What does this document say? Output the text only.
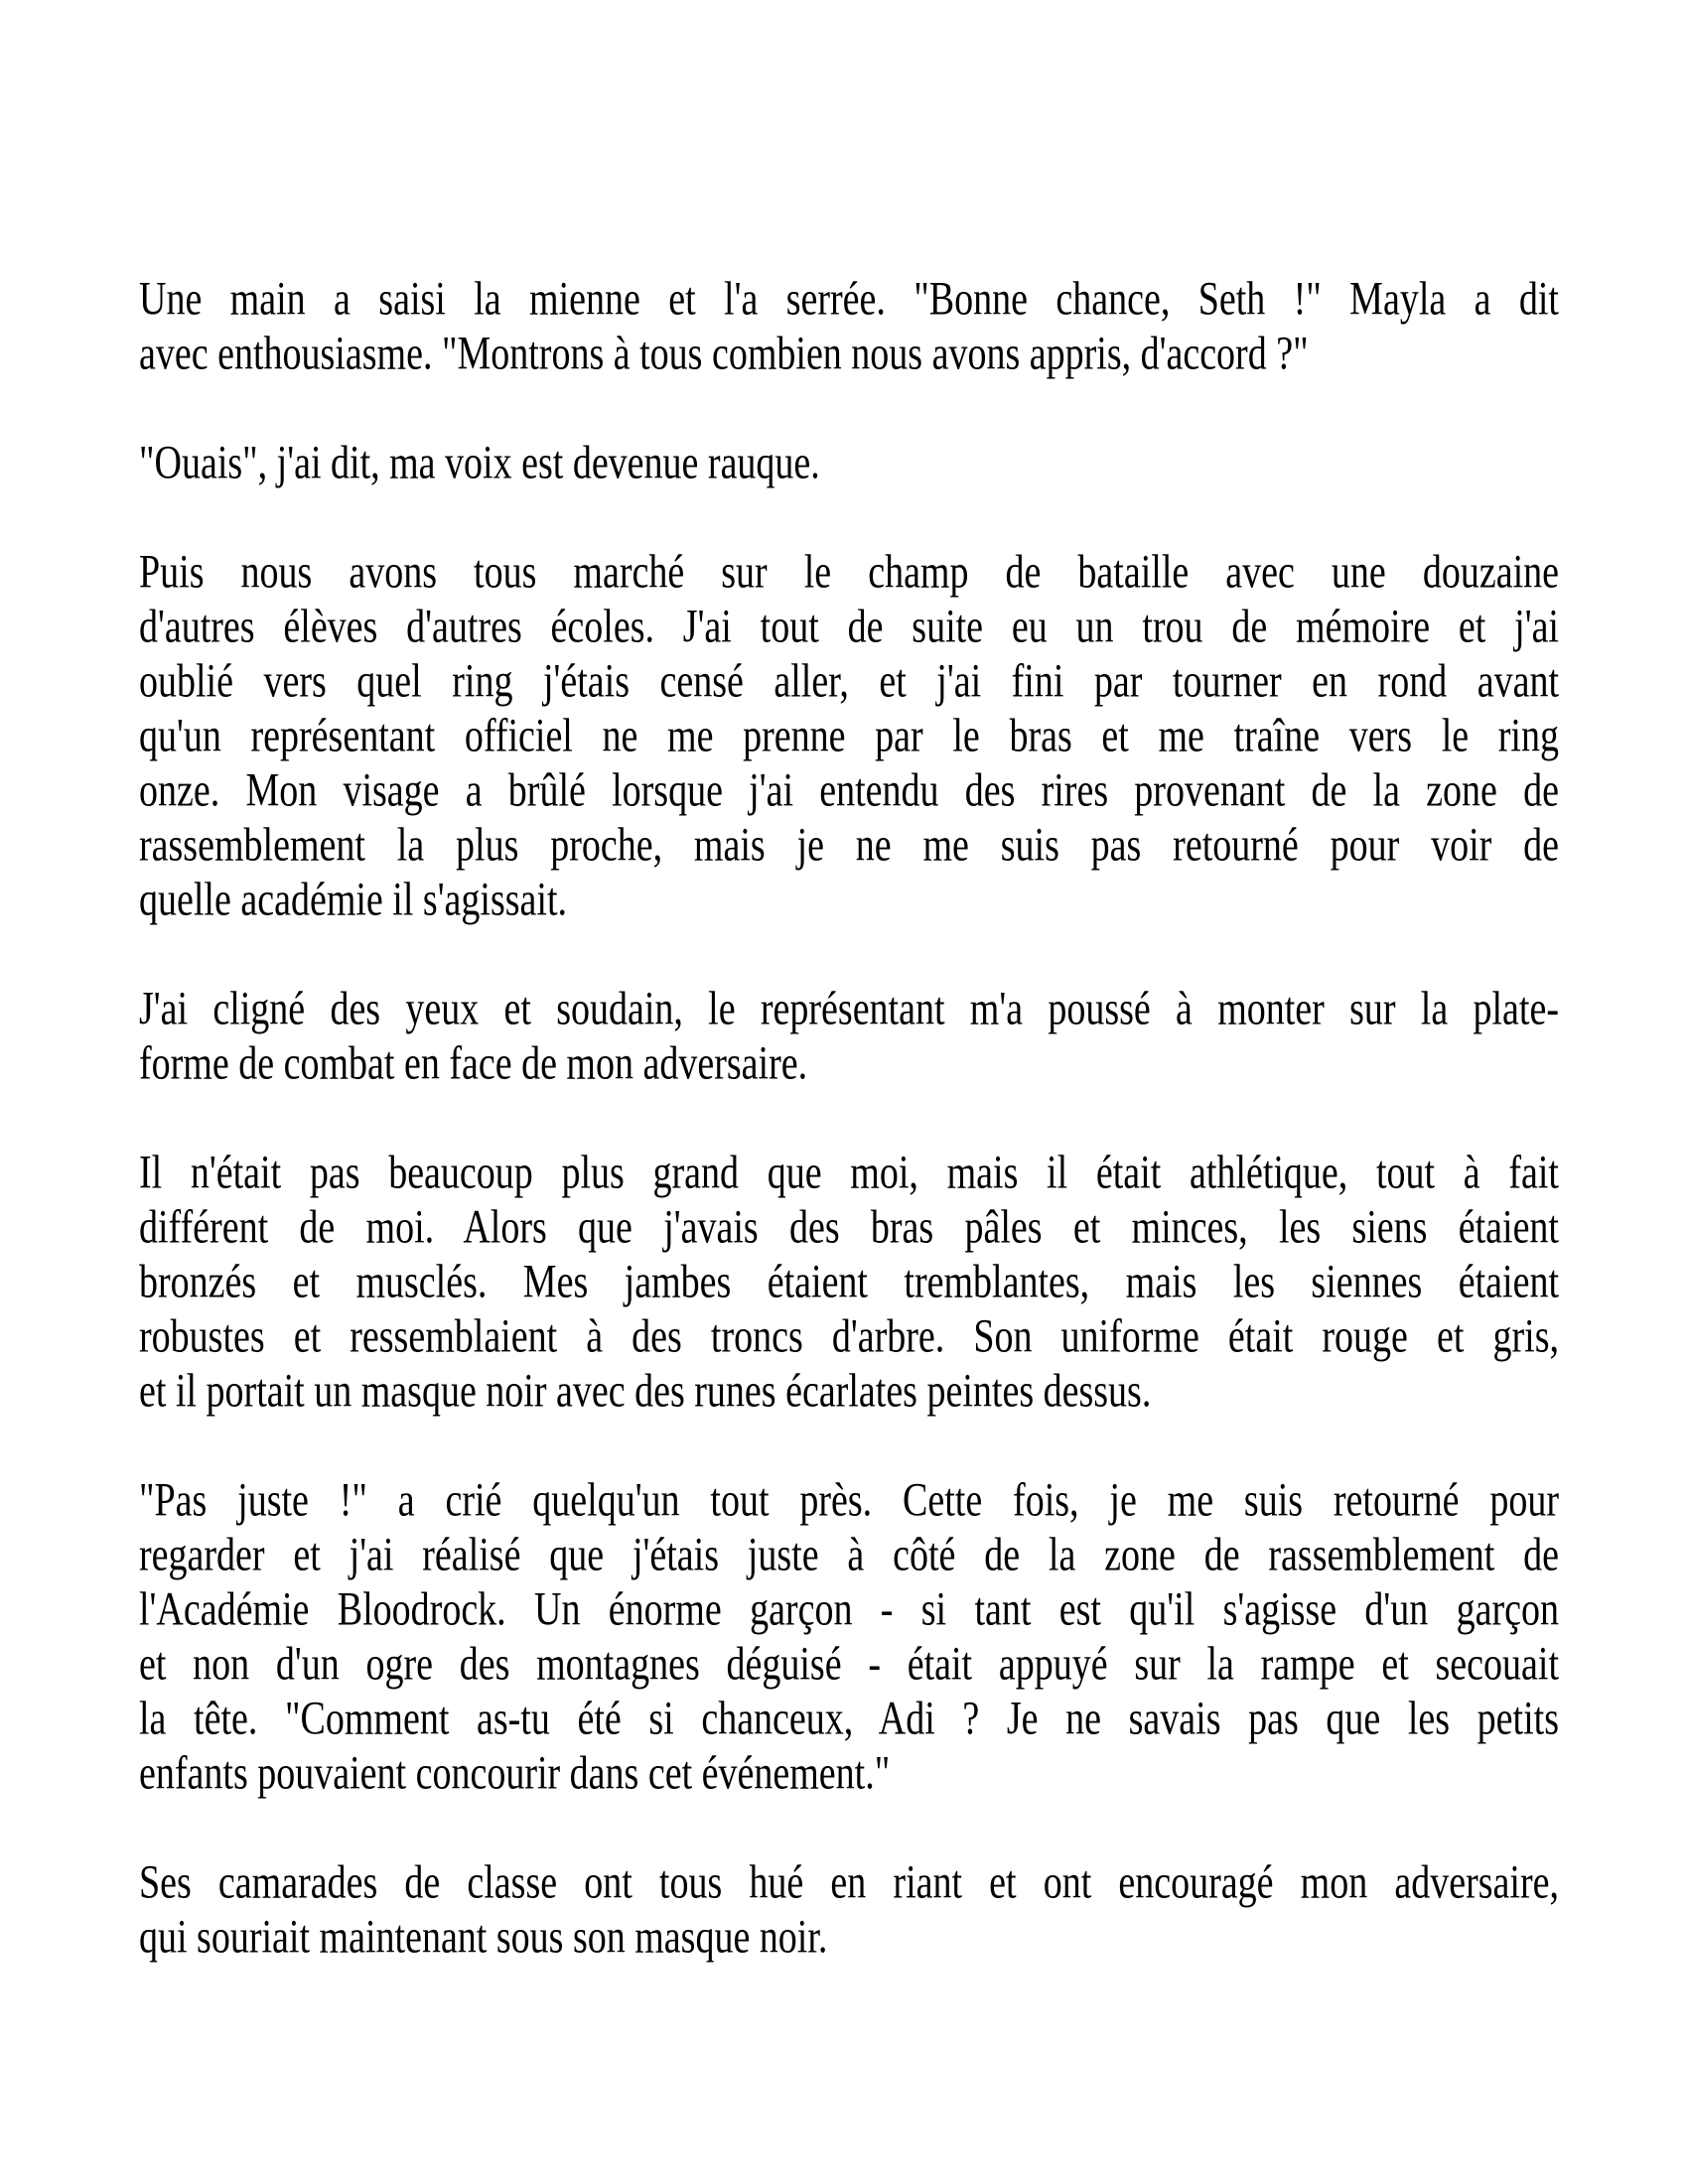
Une main a saisi la mienne et l'a serrée. "Bonne chance, Seth !" Mayla a dit
avec enthousiasme. "Montrons à tous combien nous avons appris, d'accord ?"
"Ouais", j'ai dit, ma voix est devenue rauque.
Puis nous avons tous marché sur le champ de bataille avec une douzaine
d'autres élèves d'autres écoles. J'ai tout de suite eu un trou de mémoire et j'ai
oublié vers quel ring j'étais censé aller, et j'ai fini par tourner en rond avant
qu'un représentant officiel ne me prenne par le bras et me traîne vers le ring
onze. Mon visage a brûlé lorsque j'ai entendu des rires provenant de la zone de
rassemblement la plus proche, mais je ne me suis pas retourné pour voir de
quelle académie il s'agissait.
J'ai cligné des yeux et soudain, le représentant m'a poussé à monter sur la plate-
forme de combat en face de mon adversaire.
Il n'était pas beaucoup plus grand que moi, mais il était athlétique, tout à fait
différent de moi. Alors que j'avais des bras pâles et minces, les siens étaient
bronzés et musclés. Mes jambes étaient tremblantes, mais les siennes étaient
robustes et ressemblaient à des troncs d'arbre. Son uniforme était rouge et gris,
et il portait un masque noir avec des runes écarlates peintes dessus.
"Pas juste !" a crié quelqu'un tout près. Cette fois, je me suis retourné pour
regarder et j'ai réalisé que j'étais juste à côté de la zone de rassemblement de
l'Académie Bloodrock. Un énorme garçon - si tant est qu'il s'agisse d'un garçon
et non d'un ogre des montagnes déguisé - était appuyé sur la rampe et secouait
la tête. "Comment as-tu été si chanceux, Adi ? Je ne savais pas que les petits
enfants pouvaient concourir dans cet événement."
Ses camarades de classe ont tous hué en riant et ont encouragé mon adversaire,
qui souriait maintenant sous son masque noir.
